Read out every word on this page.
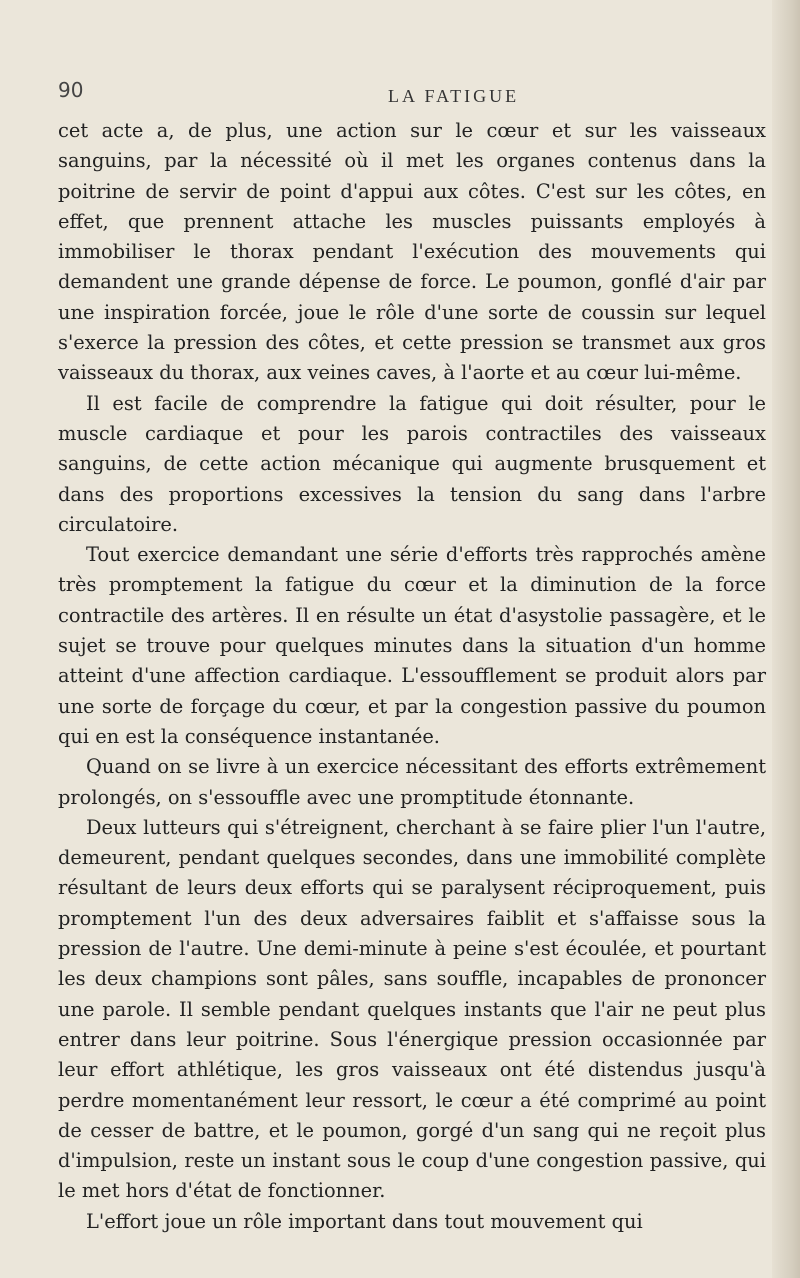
90	LA FATIGUE

cet acte a, de plus, une action sur le cœur et sur les vaisseaux sanguins, par la nécessité où il met les organes contenus dans la poitrine de servir de point d'appui aux côtes. C'est sur les côtes, en effet, que prennent attache les muscles puissants employés à immobiliser le thorax pendant l'exécution des mouvements qui demandent une grande dépense de force. Le poumon, gonflé d'air par une inspiration forcée, joue le rôle d'une sorte de coussin sur lequel s'exerce la pression des côtes, et cette pression se transmet aux gros vaisseaux du thorax, aux veines caves, à l'aorte et au cœur lui-même.

Il est facile de comprendre la fatigue qui doit résulter, pour le muscle cardiaque et pour les parois contractiles des vaisseaux sanguins, de cette action mécanique qui augmente brusquement et dans des proportions excessives la tension du sang dans l'arbre circulatoire.

Tout exercice demandant une série d'efforts très rapprochés amène très promptement la fatigue du cœur et la diminution de la force contractile des artères. Il en résulte un état d'asystolie passagère, et le sujet se trouve pour quelques minutes dans la situation d'un homme atteint d'une affection cardiaque. L'essoufflement se produit alors par une sorte de forçage du cœur, et par la congestion passive du poumon qui en est la conséquence instantanée.

Quand on se livre à un exercice nécessitant des efforts extrêmement prolongés, on s'essouffle avec une promptitude étonnante.

Deux lutteurs qui s'étreignent, cherchant à se faire plier l'un l'autre, demeurent, pendant quelques secondes, dans une immobilité complète résultant de leurs deux efforts qui se paralysent réciproquement, puis promptement l'un des deux adversaires faiblit et s'affaisse sous la pression de l'autre. Une demi-minute à peine s'est écoulée, et pourtant les deux champions sont pâles, sans souffle, incapables de prononcer une parole. Il semble pendant quelques instants que l'air ne peut plus entrer dans leur poitrine. Sous l'énergique pression occasionnée par leur effort athlétique, les gros vaisseaux ont été distendus jusqu'à perdre momentanément leur ressort, le cœur a été comprimé au point de cesser de battre, et le poumon, gorgé d'un sang qui ne reçoit plus d'impulsion, reste un instant sous le coup d'une congestion passive, qui le met hors d'état de fonctionner.

L'effort joue un rôle important dans tout mouvement qui
